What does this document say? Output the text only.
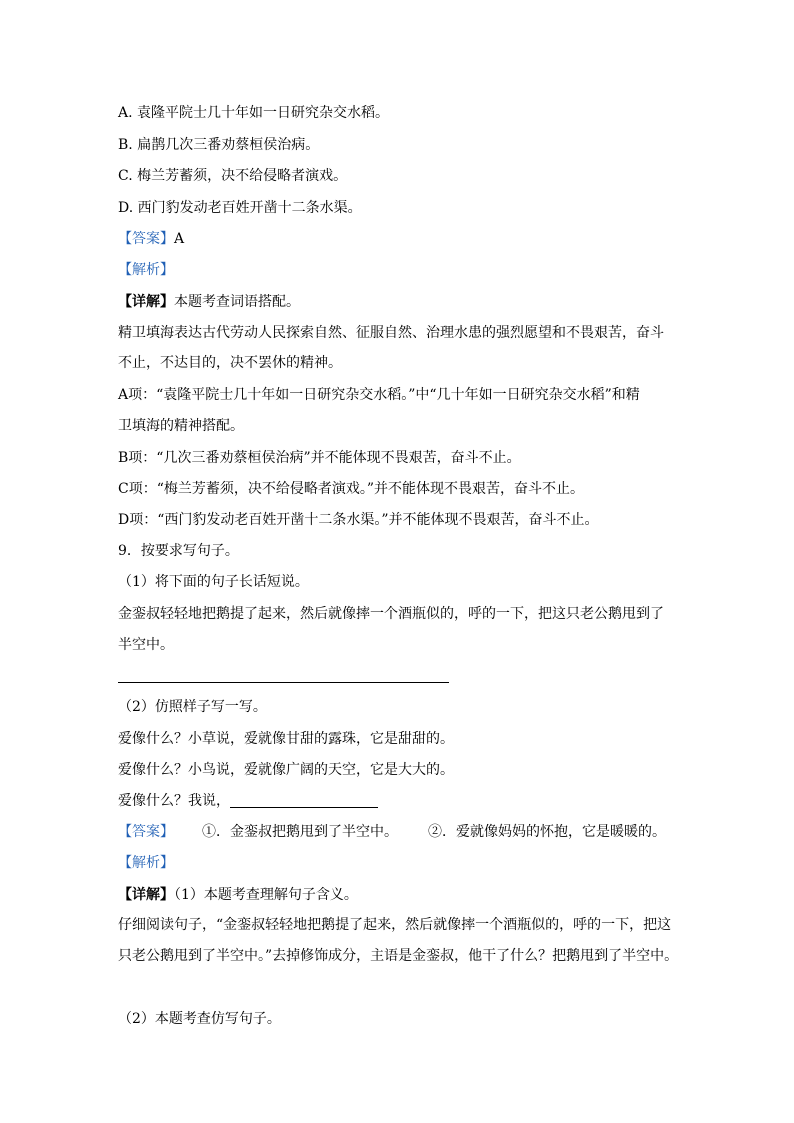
A. 袁隆平院士几十年如一日研究杂交水稻。
B. 扁鹊几次三番劝蔡桓侯治病。
C. 梅兰芳蓄须，决不给侵略者演戏。
D. 西门豹发动老百姓开凿十二条水渠。
【答案】A
【解析】
【详解】本题考查词语搭配。
精卫填海表达古代劳动人民探索自然、征服自然、治理水患的强烈愿望和不畏艰苦，奋斗
不止，不达目的，决不罢休的精神。
A项：“袁隆平院士几十年如一日研究杂交水稻。”中“几十年如一日研究杂交水稻”和精
卫填海的精神搭配。
B项：“几次三番劝蔡桓侯治病”并不能体现不畏艰苦，奋斗不止。
C项：“梅兰芳蓄须，决不给侵略者演戏。”并不能体现不畏艰苦，奋斗不止。
D项：“西门豹发动老百姓开凿十二条水渠。”并不能体现不畏艰苦，奋斗不止。
9．按要求写句子。
（1）将下面的句子长话短说。
金銮叔轻轻地把鹅提了起来，然后就像摔一个酒瓶似的，呼的一下，把这只老公鹅甩到了
半空中。
（2）仿照样子写一写。
爱像什么？小草说，爱就像甘甜的露珠，它是甜甜的。
爱像什么？小鸟说，爱就像广阔的天空，它是大大的。
爱像什么？我说，
【答案】 ①．金銮叔把鹅甩到了半空中。 ②．爱就像妈妈的怀抱，它是暖暖的。
【解析】
【详解】（1）本题考查理解句子含义。
仔细阅读句子，“金銮叔轻轻地把鹅提了起来，然后就像摔一个酒瓶似的，呼的一下，把这
只老公鹅甩到了半空中。”去掉修饰成分，主语是金銮叔，他干了什么？把鹅甩到了半空中。
（2）本题考查仿写句子。
